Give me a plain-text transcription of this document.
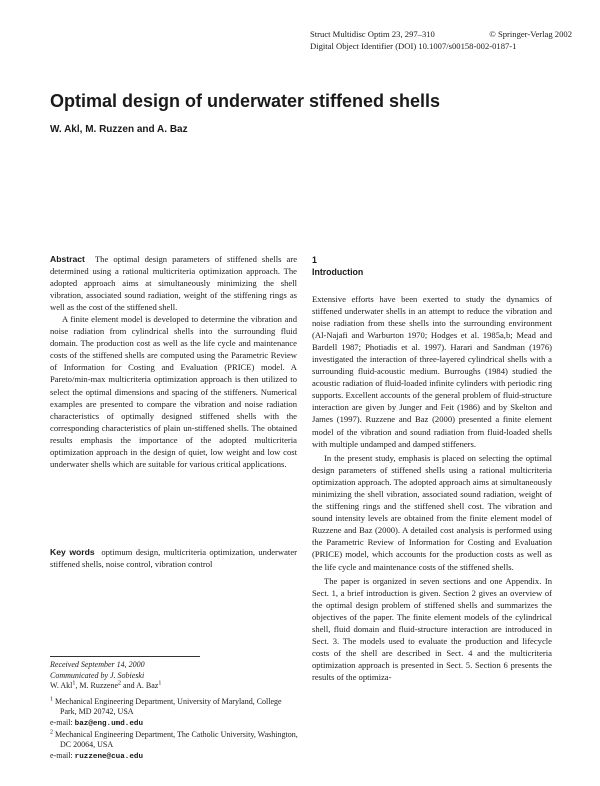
Struct Multidisc Optim 23, 297–310	© Springer-Verlag 2002
Digital Object Identifier (DOI) 10.1007/s00158-002-0187-1
Optimal design of underwater stiffened shells
W. Akl, M. Ruzzen and A. Baz

Abstract The optimal design parameters of stiffened shells are determined using a rational multicriteria optimization approach. The adopted approach aims at simultaneously minimizing the shell vibration, associated sound radiation, weight of the stiffening rings as well as the cost of the stiffened shell.

A finite element model is developed to determine the vibration and noise radiation from cylindrical shells into the surrounding fluid domain. The production cost as well as the life cycle and maintenance costs of the stiffened shells are computed using the Parametric Review of Information for Costing and Evaluation (PRICE) model. A Pareto/min-max multicriteria optimization approach is then utilized to select the optimal dimensions and spacing of the stiffeners. Numerical examples are presented to compare the vibration and noise radiation characteristics of optimally designed stiffened shells with the corresponding characteristics of plain un-stiffened shells. The obtained results emphasis the importance of the adopted multicriteria optimization approach in the design of quiet, low weight and low cost underwater shells which are suitable for various critical applications.

Key words optimum design, multicriteria optimization, underwater stiffened shells, noise control, vibration control

Received September 14, 2000
Communicated by J. Sobieski
W. Akl$^1$, M. Ruzzene$^2$ and A. Baz$^1$
$^1$ Mechanical Engineering Department, University of Maryland, College Park, MD 20742, USA
e-mail: baz@eng.umd.edu
$^2$ Mechanical Engineering Department, The Catholic University, Washington, DC 20064, USA
e-mail: ruzzene@cua.edu
1
Introduction

Extensive efforts have been exerted to study the dynamics of stiffened underwater shells in an attempt to reduce the vibration and noise radiation from these shells into the surrounding environment (Al-Najafi and Warburton 1970; Hodges et al. 1985a,b; Mead and Bardell 1987; Photiadis et al. 1997). Harari and Sandman (1976) investigated the interaction of three-layered cylindrical shells with a surrounding fluid-acoustic medium. Burroughs (1984) studied the acoustic radiation of fluid-loaded infinite cylinders with periodic ring supports. Excellent accounts of the general problem of fluid-structure interaction are given by Junger and Feit (1986) and by Skelton and James (1997). Ruzzene and Baz (2000) presented a finite element model of the vibration and sound radiation from fluid-loaded shells with multiple undamped and damped stiffeners.

In the present study, emphasis is placed on selecting the optimal design parameters of stiffened shells using a rational multicriteria optimization approach. The adopted approach aims at simultaneously minimizing the shell vibration, associated sound radiation, weight of the stiffening rings and the stiffened shell cost. The vibration and sound intensity levels are obtained from the finite element model of Ruzzene and Baz (2000). A detailed cost analysis is performed using the Parametric Review of Information for Costing and Evaluation (PRICE) model, which accounts for the production costs as well as the life cycle and maintenance costs of the stiffened shells.

The paper is organized in seven sections and one Appendix. In Sect. 1, a brief introduction is given. Section 2 gives an overview of the optimal design problem of stiffened shells and summarizes the objectives of the paper. The finite element models of the cylindrical shell, fluid domain and fluid-structure interaction are introduced in Sect. 3. The models used to evaluate the production and lifecycle costs of the shell are described in Sect. 4 and the multicriteria optimization approach is presented in Sect. 5. Section 6 presents the results of the optimiza-
